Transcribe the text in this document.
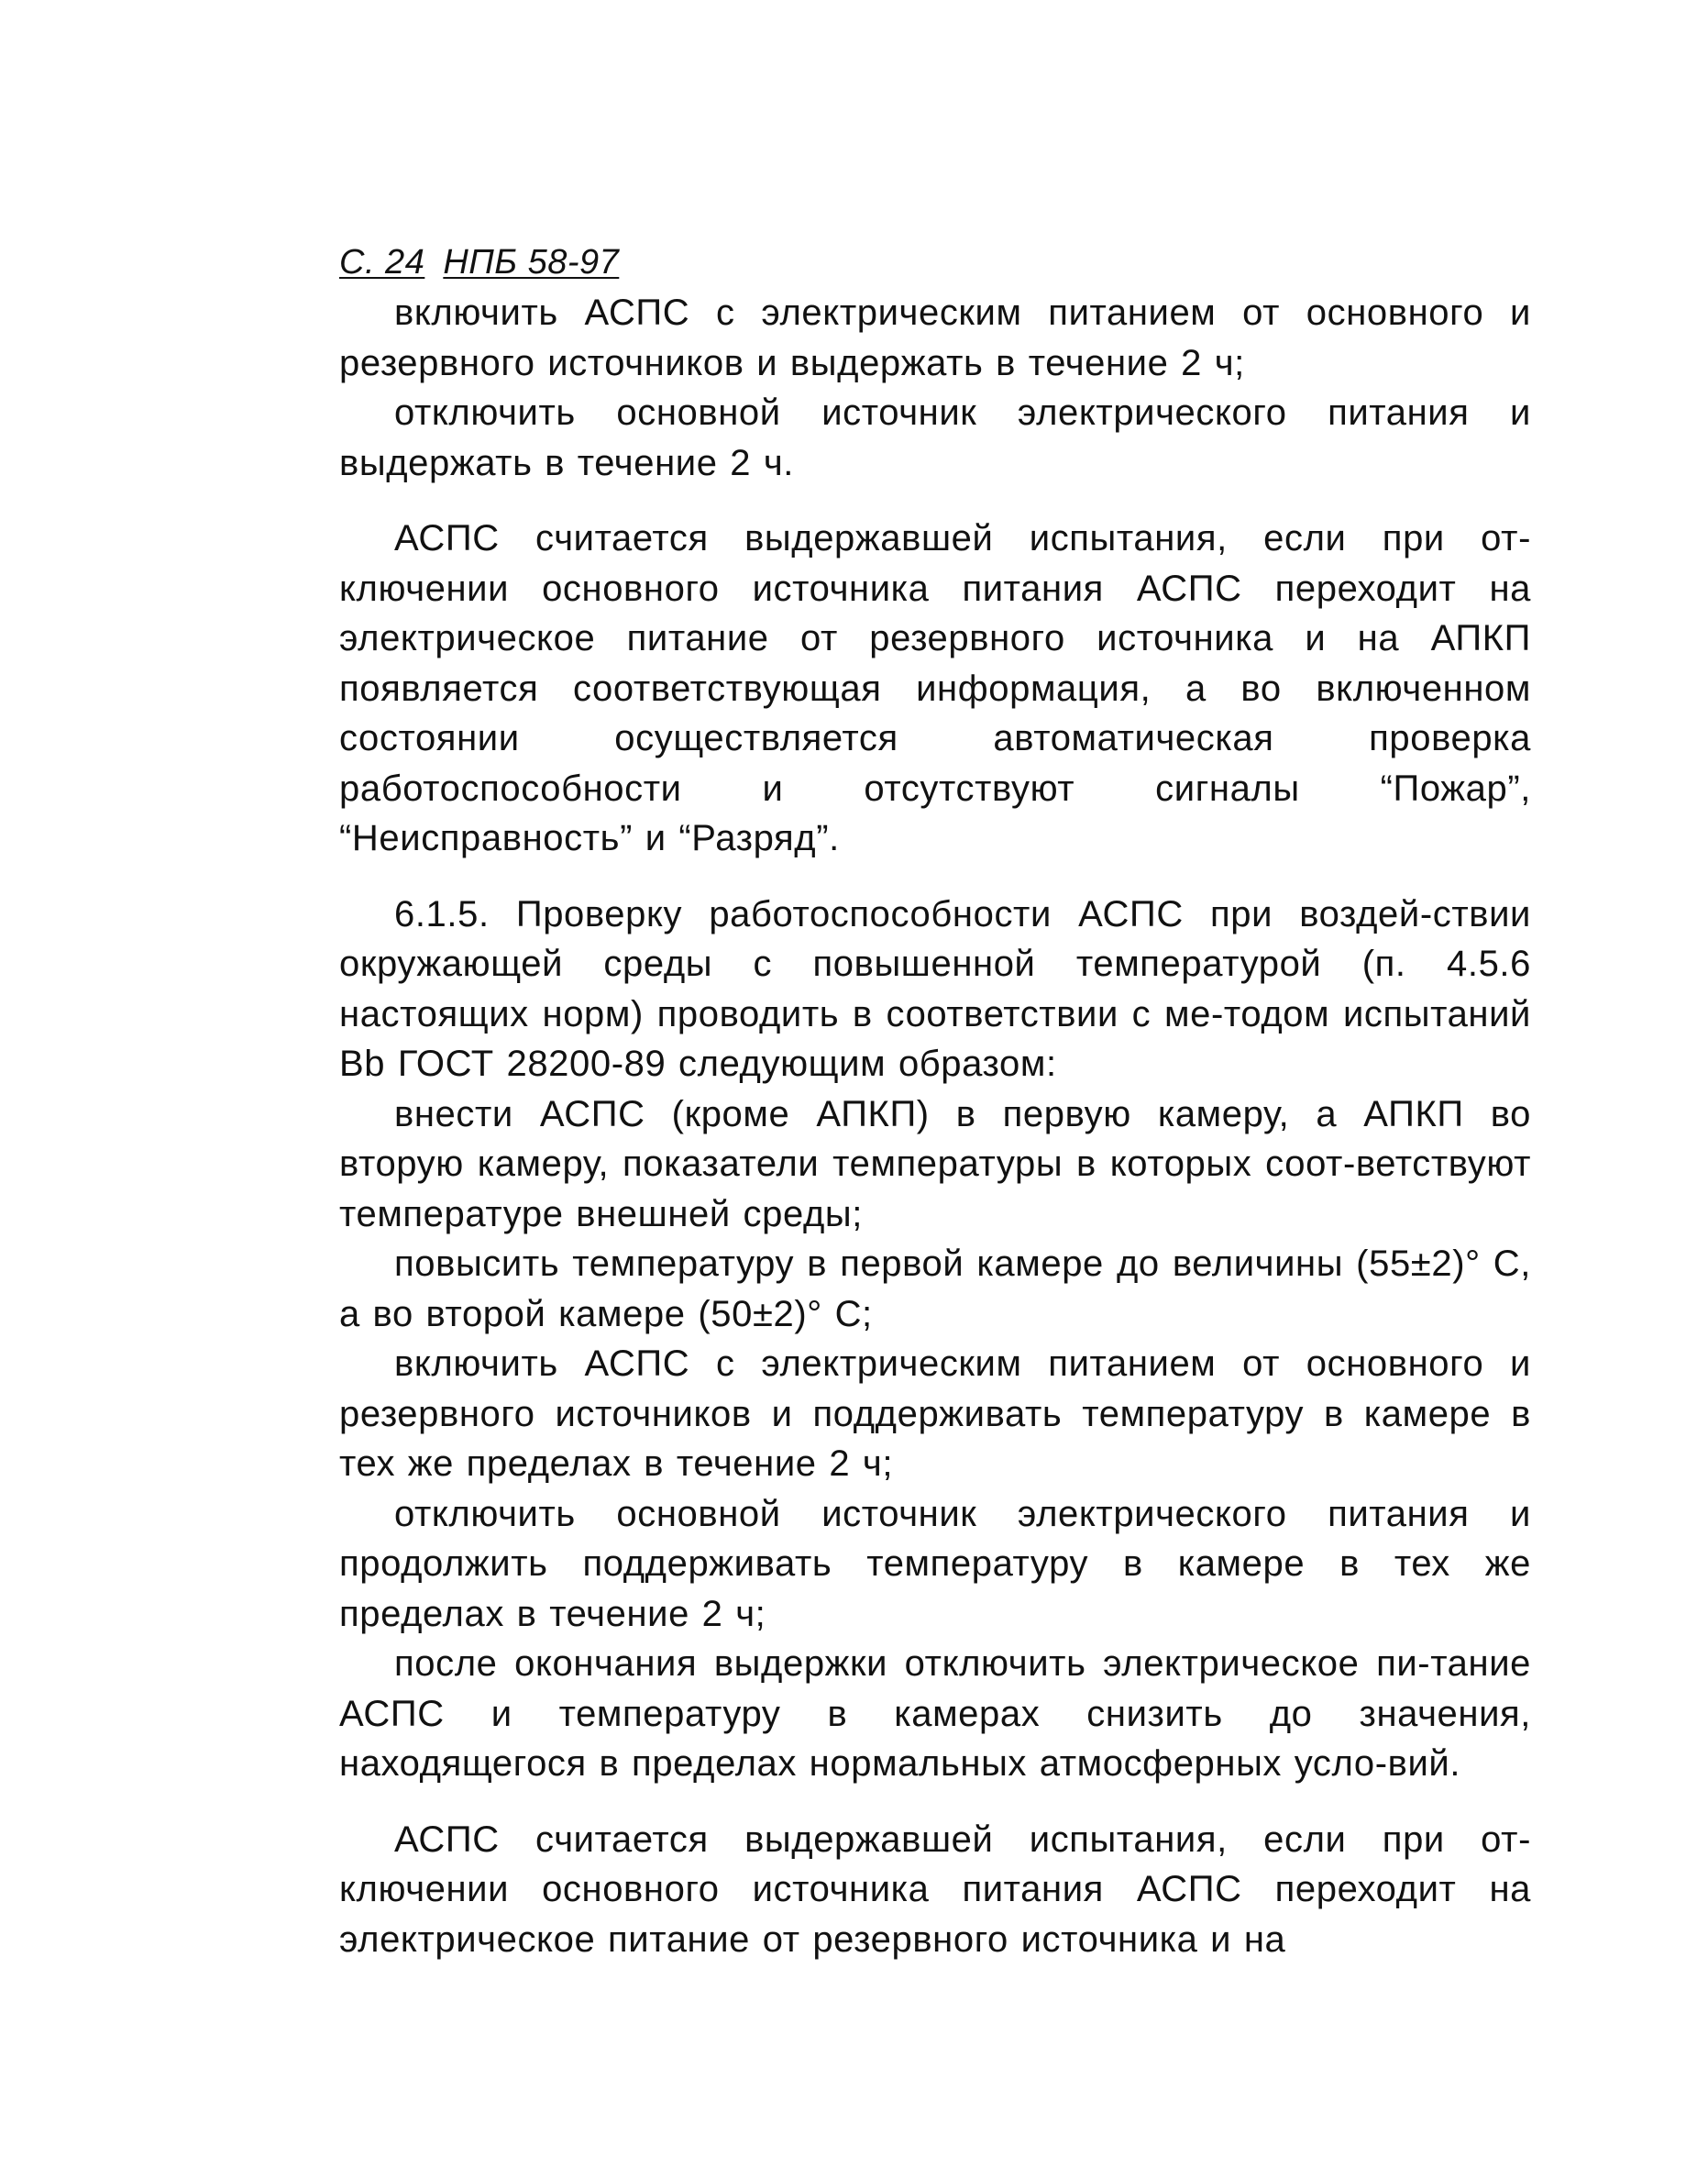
С. 24 НПБ 58-97

включить АСПС с электрическим питанием от основного и резервного источников и выдержать в течение 2 ч;

отключить основной источник электрического питания и выдержать в течение 2 ч.

АСПС считается выдержавшей испытания, если при от-ключении основного источника питания АСПС переходит на электрическое питание от резервного источника и на АПКП появляется соответствующая информация, а во включенном состоянии осуществляется автоматическая проверка работоспособности и отсутствуют сигналы “Пожар”, “Неисправность” и “Разряд”.

6.1.5. Проверку работоспособности АСПС при воздей-ствии окружающей среды с повышенной температурой (п. 4.5.6 настоящих норм) проводить в соответствии с ме-тодом испытаний Bb ГОСТ 28200-89 следующим образом:

внести АСПС (кроме АПКП) в первую камеру, а АПКП во вторую камеру, показатели температуры в которых соот-ветствуют температуре внешней среды;

повысить температуру в первой камере до величины (55±2)° С, а во второй камере (50±2)° С;

включить АСПС с электрическим питанием от основного и резервного источников и поддерживать температуру в камере в тех же пределах в течение 2 ч;

отключить основной источник электрического питания и продолжить поддерживать температуру в камере в тех же пределах в течение 2 ч;

после окончания выдержки отключить электрическое пи-тание АСПС и температуру в камерах снизить до значения, находящегося в пределах нормальных атмосферных усло-вий.

АСПС считается выдержавшей испытания, если при от-ключении основного источника питания АСПС переходит на электрическое питание от резервного источника и на
